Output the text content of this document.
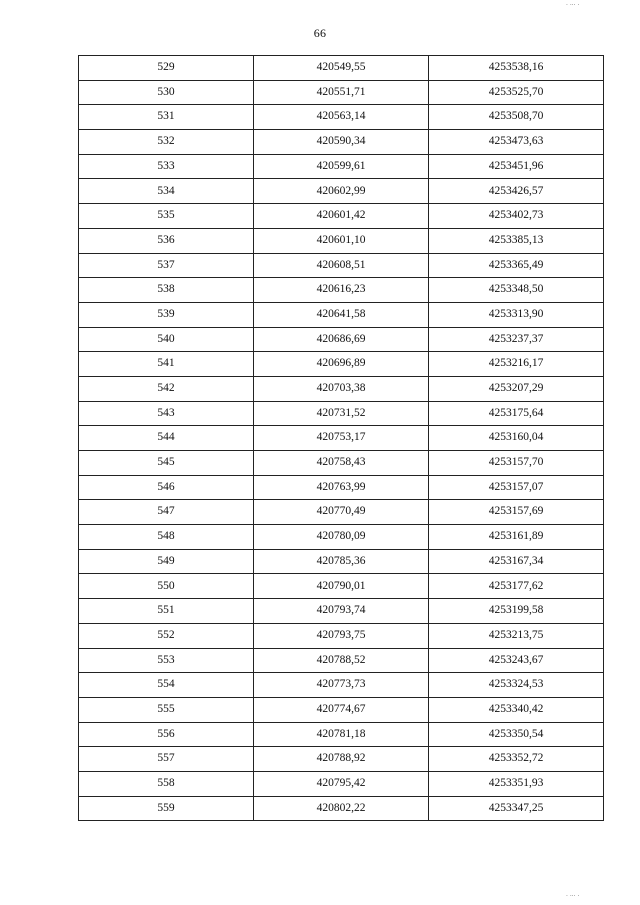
66
529	420549,55	4253538,16
530	420551,71	4253525,70
531	420563,14	4253508,70
532	420590,34	4253473,63
533	420599,61	4253451,96
534	420602,99	4253426,57
535	420601,42	4253402,73
536	420601,10	4253385,13
537	420608,51	4253365,49
538	420616,23	4253348,50
539	420641,58	4253313,90
540	420686,69	4253237,37
541	420696,89	4253216,17
542	420703,38	4253207,29
543	420731,52	4253175,64
544	420753,17	4253160,04
545	420758,43	4253157,70
546	420763,99	4253157,07
547	420770,49	4253157,69
548	420780,09	4253161,89
549	420785,36	4253167,34
550	420790,01	4253177,62
551	420793,74	4253199,58
552	420793,75	4253213,75
553	420788,52	4253243,67
554	420773,73	4253324,53
555	420774,67	4253340,42
556	420781,18	4253350,54
557	420788,92	4253352,72
558	420795,42	4253351,93
559	420802,22	4253347,25
· ··· ·
· ··· ·
